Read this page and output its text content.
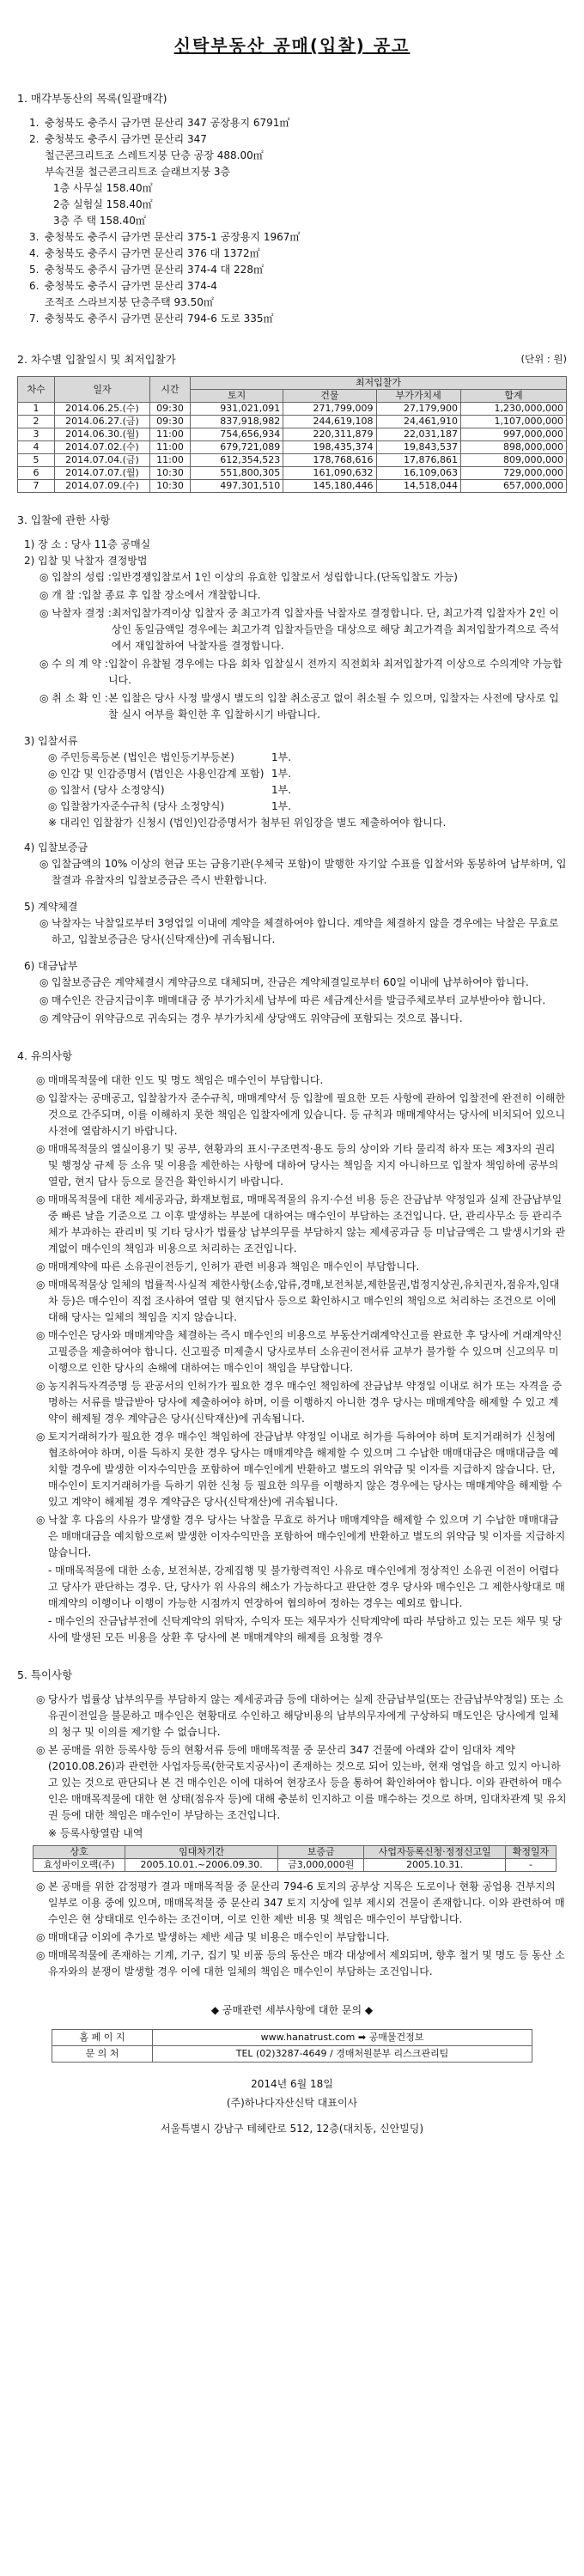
신탁부동산 공매(입찰) 공고
1. 매각부동산의 목록(일괄매각)
1. 충청북도 충주시 금가면 문산리 347 공장용지 6791㎡
2. 충청북도 충주시 금가면 문산리 347
철근콘크리트조 스레트지붕 단층 공장 488.00㎡
부속건물 철근콘크리트조 슬래브지붕 3층
1층 사무실 158.40㎡
2층 실험실 158.40㎡
3층 주 택 158.40㎡
3. 충청북도 충주시 금가면 문산리 375-1 공장용지 1967㎡
4. 충청북도 충주시 금가면 문산리 376 대 1372㎡
5. 충청북도 충주시 금가면 문산리 374-4 대 228㎡
6. 충청북도 충주시 금가면 문산리 374-4
조적조 스라브지붕 단층주택 93.50㎡
7. 충청북도 충주시 금가면 문산리 794-6 도로 335㎡
2. 차수별 입찰일시 및 최저입찰가	(단위 : 원)
차수	일자	시간	최저입찰가			
			토지	건물	부가가치세	합계
1	2014.06.25.(수)	09:30	931,021,091	271,799,009	27,179,900	1,230,000,000
2	2014.06.27.(금)	09:30	837,918,982	244,619,108	24,461,910	1,107,000,000
3	2014.06.30.(월)	11:00	754,656,934	220,311,879	22,031,187	997,000,000
4	2014.07.02.(수)	11:00	679,721,089	198,435,374	19,843,537	898,000,000
5	2014.07.04.(금)	11:00	612,354,523	178,768,616	17,876,861	809,000,000
6	2014.07.07.(월)	10:30	551,800,305	161,090,632	16,109,063	729,000,000
7	2014.07.09.(수)	10:30	497,301,510	145,180,446	14,518,044	657,000,000
3. 입찰에 관한 사항
1) 장 소 : 당사 11층 공매실
2) 입찰 및 낙찰자 결정방법
◎ 입찰의 성립 : 일반경쟁입찰로서 1인 이상의 유효한 입찰로서 성립합니다.(단독입찰도 가능)
◎ 개 찰 : 입찰 종료 후 입찰 장소에서 개찰합니다.
◎ 낙찰자 결정 : 최저입찰가격이상 입찰자 중 최고가격 입찰자를 낙찰자로 결정합니다. 단, 최고가격 입찰자가 2인 이상인 동일금액일 경우에는 최고가격 입찰자들만을 대상으로 해당 최고가격을 최저입찰가격으로 즉석에서 재입찰하여 낙찰자를 결정합니다.
◎ 수 의 계 약 : 입찰이 유찰될 경우에는 다음 회차 입찰실시 전까지 직전회차 최저입찰가격 이상으로 수의계약 가능합니다.
◎ 취 소 확 인 : 본 입찰은 당사 사정 발생시 별도의 입찰 취소공고 없이 취소될 수 있으며, 입찰자는 사전에 당사로 입찰 실시 여부를 확인한 후 입찰하시기 바랍니다.
3) 입찰서류
◎ 주민등록등본 (법인은 법인등기부등본)	1부.
◎ 인감 및 인감증명서 (법인은 사용인감계 포함) 1부.
◎ 입찰서 (당사 소정양식)	1부.
◎ 입찰참가자준수규칙 (당사 소정양식)	1부.
※ 대리인 입찰참가 신청시 (법인)인감증명서가 첨부된 위임장을 별도 제출하여야 합니다.
4) 입찰보증금
◎ 입찰금액의 10% 이상의 현금 또는 금융기관(우체국 포함)이 발행한 자기앞 수표를 입찰서와 동봉하여 납부하며, 입찰결과 유찰자의 입찰보증금은 즉시 반환합니다.
5) 계약체결
◎ 낙찰자는 낙찰일로부터 3영업일 이내에 계약을 체결하여야 합니다. 계약을 체결하지 않을 경우에는 낙찰은 무효로 하고, 입찰보증금은 당사(신탁재산)에 귀속됩니다.
6) 대금납부
◎ 입찰보증금은 계약체결시 계약금으로 대체되며, 잔금은 계약체결일로부터 60일 이내에 납부하여야 합니다.
◎ 매수인은 잔금지급이후 매매대금 중 부가가치세 납부에 따른 세금계산서를 발급주체로부터 교부받아야 합니다.
◎ 계약금이 위약금으로 귀속되는 경우 부가가치세 상당액도 위약금에 포함되는 것으로 봅니다.
4. 유의사항
◎ 매매목적물에 대한 인도 및 명도 책임은 매수인이 부담합니다.
◎ 입찰자는 공매공고, 입찰참가자 준수규칙, 매매계약서 등 입찰에 필요한 모든 사항에 관하여 입찰전에 완전히 이해한 것으로 간주되며, 이를 이해하지 못한 책임은 입찰자에게 있습니다. 등 규칙과 매매계약서는 당사에 비치되어 있으니 사전에 열람하시기 바랍니다.
◎ 매매목적물의 열실이용기 및 공부, 현황과의 표시·구조면적·용도 등의 상이와 기타 물리적 하자 또는 제3자의 권리 및 행정상 규제 등 소유 및 이용을 제한하는 사항에 대하여 당사는 책임을 지지 아니하므로 입찰자 책임하에 공부의 열람, 현지 답사 등으로 물건을 확인하시기 바랍니다.
◎ 매매목적물에 대한 제세공과금, 화재보험료, 매매목적물의 유지·수선 비용 등은 잔금납부 약정일과 실제 잔금납부일 중 빠른 날을 기준으로 그 이후 발생하는 부분에 대하여는 매수인이 부담하는 조건입니다. 단, 관리사무소 등 관리주체가 부과하는 관리비 및 기타 당사가 법률상 납부의무를 부담하지 않는 제세공과금 등 미납금액은 그 발생시기와 관계없이 매수인의 책임과 비용으로 처리하는 조건입니다.
◎ 매매계약에 따른 소유권이전등기, 인허가 관련 비용과 책임은 매수인이 부담합니다.
◎ 매매목적물상 일체의 법률적·사실적 제한사항(소송,압류,경매,보전처분,제한물권,법정지상권,유치권자,점유자,임대차 등)은 매수인이 직접 조사하여 열람 및 현지답사 등으로 확인하시고 매수인의 책임으로 처리하는 조건으로 이에 대해 당사는 일체의 책임을 지지 않습니다.
◎ 매수인은 당사와 매매계약을 체결하는 즉시 매수인의 비용으로 부동산거래계약신고를 완료한 후 당사에 거래계약신고필증을 제출하여야 합니다. 신고필증 미제출시 당사로부터 소유권이전서류 교부가 불가할 수 있으며 신고의무 미이행으로 인한 당사의 손해에 대하여는 매수인이 책임을 부담합니다.
◎ 농지취득자격증명 등 관공서의 인허가가 필요한 경우 매수인 책임하에 잔금납부 약정일 이내로 허가 또는 자격을 증명하는 서류를 발급받아 당사에 제출하여야 하며, 이를 이행하지 아니한 경우 당사는 매매계약을 해제할 수 있고 계약이 해제될 경우 계약금은 당사(신탁재산)에 귀속됩니다.
◎ 토지거래허가가 필요한 경우 매수인 책임하에 잔금납부 약정일 이내로 허가를 득하여야 하며 토지거래허가 신청에 협조하여야 하며, 이를 득하지 못한 경우 당사는 매매계약을 해제할 수 있으며 그 수납한 매매대금은 매매대금을 예치할 경우에 발생한 이자수익만을 포함하여 매수인에게 반환하고 별도의 위약금 및 이자를 지급하지 않습니다. 단, 매수인이 토지거래허가를 득하기 위한 신청 등 필요한 의무를 이행하지 않은 경우에는 당사는 매매계약을 해제할 수 있고 계약이 해제될 경우 계약금은 당사(신탁재산)에 귀속됩니다.
◎ 낙찰 후 다음의 사유가 발생할 경우 당사는 낙찰을 무효로 하거나 매매계약을 해제할 수 있으며 기 수납한 매매대금은 매매대금을 예치함으로써 발생한 이자수익만을 포함하여 매수인에게 반환하고 별도의 위약금 및 이자를 지급하지 않습니다.
- 매매목적물에 대한 소송, 보전처분, 강제집행 및 불가항력적인 사유로 매수인에게 정상적인 소유권 이전이 어렵다고 당사가 판단하는 경우. 단, 당사가 위 사유의 해소가 가능하다고 판단한 경우 당사와 매수인은 그 제한사항대로 매매계약의 이행이나 이행이 가능한 시점까지 연장하여 협의하여 정하는 경우는 예외로 합니다.
- 매수인의 잔금납부전에 신탁계약의 위탁자, 수익자 또는 채무자가 신탁계약에 따라 부담하고 있는 모든 채무 및 당사에 발생된 모든 비용을 상환 후 당사에 본 매매계약의 해제를 요청할 경우
5. 특이사항
◎ 당사가 법률상 납부의무를 부담하지 않는 제세공과금 등에 대하여는 실제 잔금납부일(또는 잔금납부약정일) 또는 소유권이전일을 불문하고 매수인은 현황대로 수인하고 해당비용의 납부의무자에게 구상하되 매도인은 당사에게 일체의 청구 및 이의를 제기할 수 없습니다.
◎ 본 공매를 위한 등록사항 등의 현황서류 등에 매매목적물 중 문산리 347 건물에 아래와 같이 임대차 계약(2010.08.26)과 관련한 사업자등록(한국토지공사)이 존재하는 것으로 되어 있는바, 현재 영업을 하고 있지 아니하고 있는 것으로 판단되나 본 건 매수인은 이에 대하여 현장조사 등을 통하여 확인하여야 합니다. 이와 관련하여 매수인은 매매목적물에 대한 현 상태(점유자 등)에 대해 충분히 인지하고 이를 매수하는 것으로 하며, 임대차관계 및 유치권 등에 대한 책임은 매수인이 부담하는 조건입니다.
※ 등록사항열람 내역
상호	임대차기간	보증금	사업자등록신청·정정신고일	확정일자
효성바이오팩(주)	2005.10.01.~2006.09.30.	금3,000,000원	2005.10.31.	-
◎ 본 공매를 위한 감정평가 결과 매매목적물 중 문산리 794-6 토지의 공부상 지목은 도로이나 현황 공업용 건부지의 일부로 이용 중에 있으며, 매매목적물 중 문산리 347 토지 지상에 일부 제시외 건물이 존재합니다. 이와 관련하여 매수인은 현 상태대로 인수하는 조건이며, 이로 인한 제반 비용 및 책임은 매수인이 부담합니다.
◎ 매매대금 이외에 추가로 발생하는 제반 세금 및 비용은 매수인이 부담합니다.
◎ 매매목적물에 존재하는 기계, 기구, 집기 및 비품 등의 동산은 매각 대상에서 제외되며, 향후 철거 및 명도 등 동산 소유자와의 분쟁이 발생할 경우 이에 대한 일체의 책임은 매수인이 부담하는 조건입니다.
◆ 공매관련 세부사항에 대한 문의 ◆
홈 페 이 지	www.hanatrust.com ➡ 공매물건정보
문 의 처	TEL (02)3287-4649 / 경매처원분부 리스크관리팀
2014년 6월 18일
(주)하나다자산신탁 대표이사
서울특별시 강남구 테헤란로 512, 12층(대치동, 신안빌딩)
